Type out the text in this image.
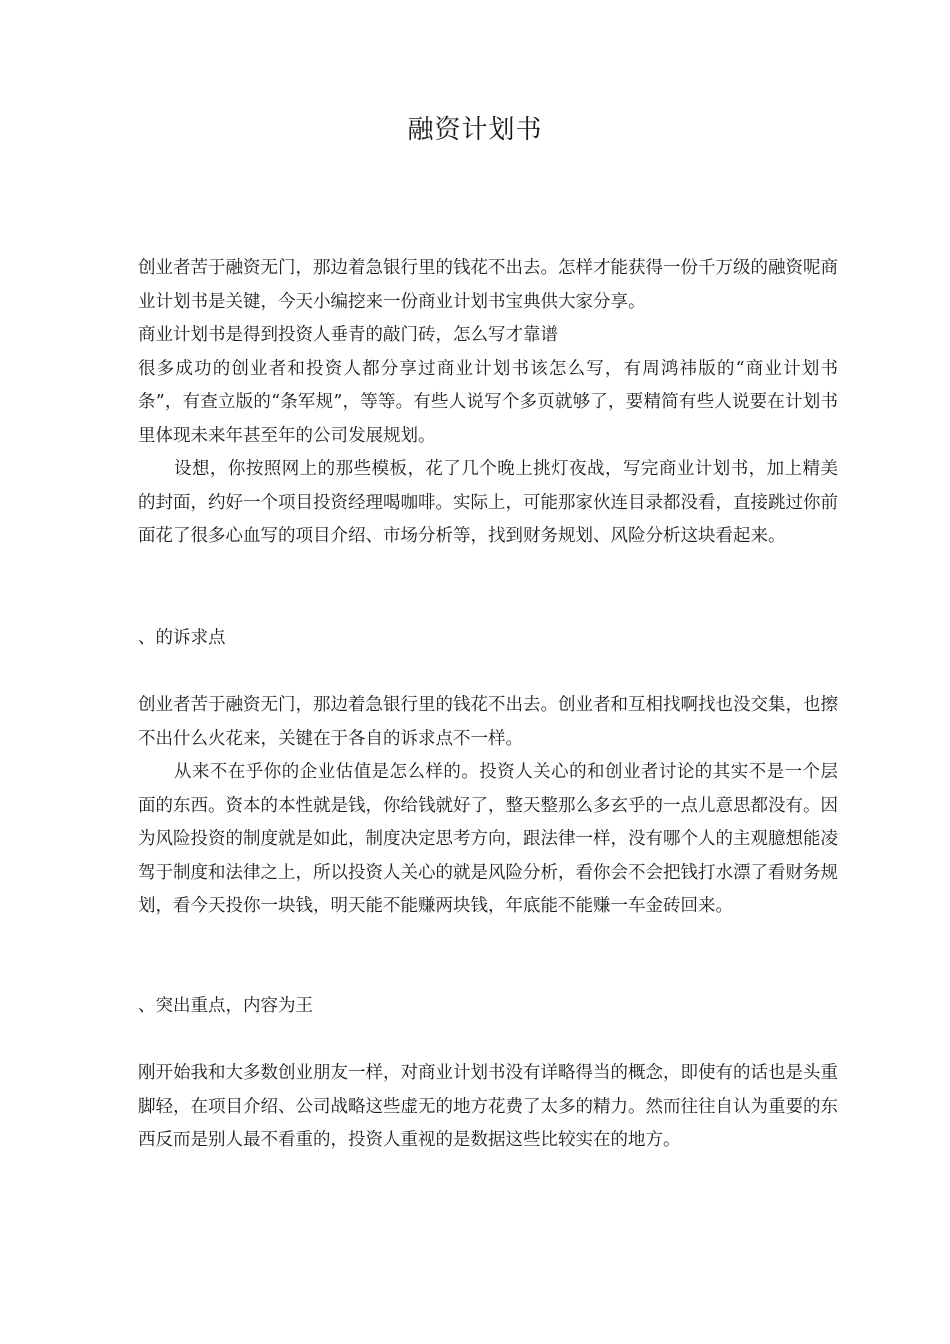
融资计划书

创业者苦于融资无门，那边着急银行里的钱花不出去。怎样才能获得一份千万级的融资呢商业计划书是关键，今天小编挖来一份商业计划书宝典供大家分享。

商业计划书是得到投资人垂青的敲门砖，怎么写才靠谱

很多成功的创业者和投资人都分享过商业计划书该怎么写，有周鸿祎版的“商业计划书条”，有查立版的“条军规”，等等。有些人说写个多页就够了，要精简有些人说要在计划书里体现未来年甚至年的公司发展规划。

设想，你按照网上的那些模板，花了几个晚上挑灯夜战，写完商业计划书，加上精美的封面，约好一个项目投资经理喝咖啡。实际上，可能那家伙连目录都没看，直接跳过你前面花了很多心血写的项目介绍、市场分析等，找到财务规划、风险分析这块看起来。

、的诉求点

创业者苦于融资无门，那边着急银行里的钱花不出去。创业者和互相找啊找也没交集，也擦不出什么火花来，关键在于各自的诉求点不一样。

从来不在乎你的企业估值是怎么样的。投资人关心的和创业者讨论的其实不是一个层面的东西。资本的本性就是钱，你给钱就好了，整天整那么多玄乎的一点儿意思都没有。因为风险投资的制度就是如此，制度决定思考方向，跟法律一样，没有哪个人的主观臆想能凌驾于制度和法律之上，所以投资人关心的就是风险分析，看你会不会把钱打水漂了看财务规划，看今天投你一块钱，明天能不能赚两块钱，年底能不能赚一车金砖回来。

、突出重点，内容为王

刚开始我和大多数创业朋友一样，对商业计划书没有详略得当的概念，即使有的话也是头重脚轻，在项目介绍、公司战略这些虚无的地方花费了太多的精力。然而往往自认为重要的东西反而是别人最不看重的，投资人重视的是数据这些比较实在的地方。
